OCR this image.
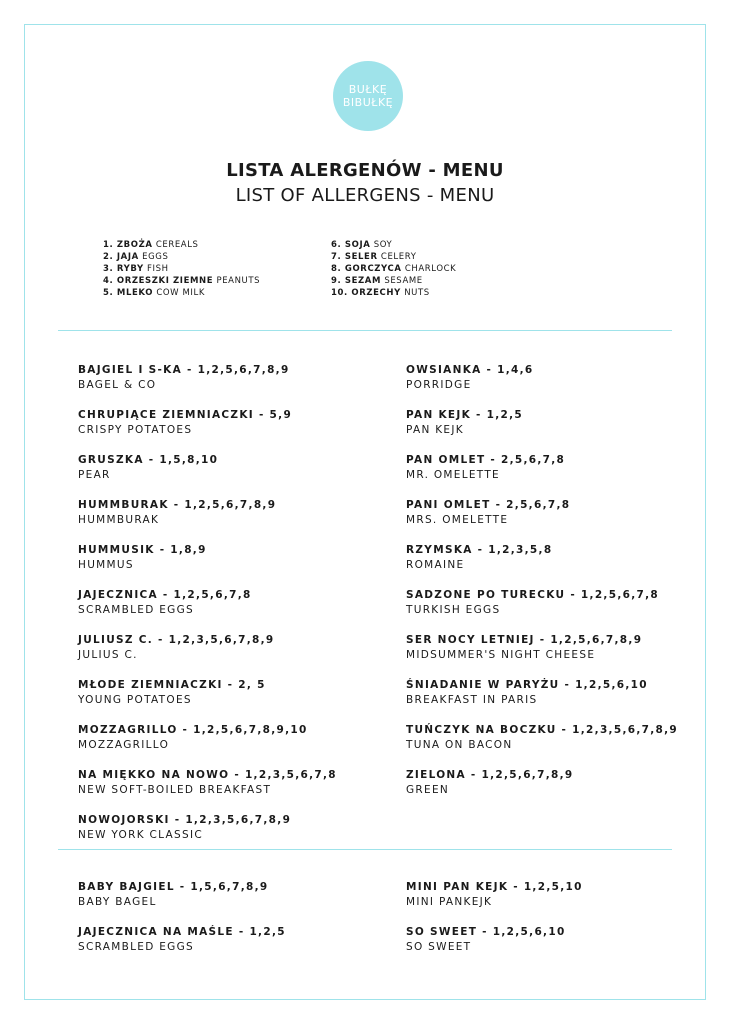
BUŁKĘ
BIBUŁKĘ
LISTA ALERGENÓW - MENU
LIST OF ALLERGENS - MENU
1. ZBOŻA CEREALS
2. JAJA EGGS
3. RYBY FISH
4. ORZESZKI ZIEMNE PEANUTS
5. MLEKO COW MILK
6. SOJA SOY
7. SELER CELERY
8. GORCZYCA CHARLOCK
9. SEZAM SESAME
10. ORZECHY NUTS
BAJGIEL I S-KA - 1,2,5,6,7,8,9
BAGEL & CO
CHRUPIĄCE ZIEMNIACZKI - 5,9
CRISPY POTATOES
GRUSZKA - 1,5,8,10
PEAR
HUMMBURAK - 1,2,5,6,7,8,9
HUMMBURAK
HUMMUSIK - 1,8,9
HUMMUS
JAJECZNICA - 1,2,5,6,7,8
SCRAMBLED EGGS
JULIUSZ C. - 1,2,3,5,6,7,8,9
JULIUS C.
MŁODE ZIEMNIACZKI - 2, 5
YOUNG POTATOES
MOZZAGRILLO - 1,2,5,6,7,8,9,10
MOZZAGRILLO
NA MIĘKKO NA NOWO - 1,2,3,5,6,7,8
NEW SOFT-BOILED BREAKFAST
NOWOJORSKI - 1,2,3,5,6,7,8,9
NEW YORK CLASSIC
OWSIANKA - 1,4,6
PORRIDGE
PAN KEJK - 1,2,5
PAN KEJK
PAN OMLET - 2,5,6,7,8
MR. OMELETTE
PANI OMLET - 2,5,6,7,8
MRS. OMELETTE
RZYMSKA - 1,2,3,5,8
ROMAINE
SADZONE PO TURECKU - 1,2,5,6,7,8
TURKISH EGGS
SER NOCY LETNIEJ - 1,2,5,6,7,8,9
MIDSUMMER'S NIGHT CHEESE
ŚNIADANIE W PARYŻU - 1,2,5,6,10
BREAKFAST IN PARIS
TUŃCZYK NA BOCZKU - 1,2,3,5,6,7,8,9
TUNA ON BACON
ZIELONA - 1,2,5,6,7,8,9
GREEN
BABY BAJGIEL - 1,5,6,7,8,9
BABY BAGEL
JAJECZNICA NA MAŚLE - 1,2,5
SCRAMBLED EGGS
MINI PAN KEJK - 1,2,5,10
MINI PANKEJK
SO SWEET - 1,2,5,6,10
SO SWEET
